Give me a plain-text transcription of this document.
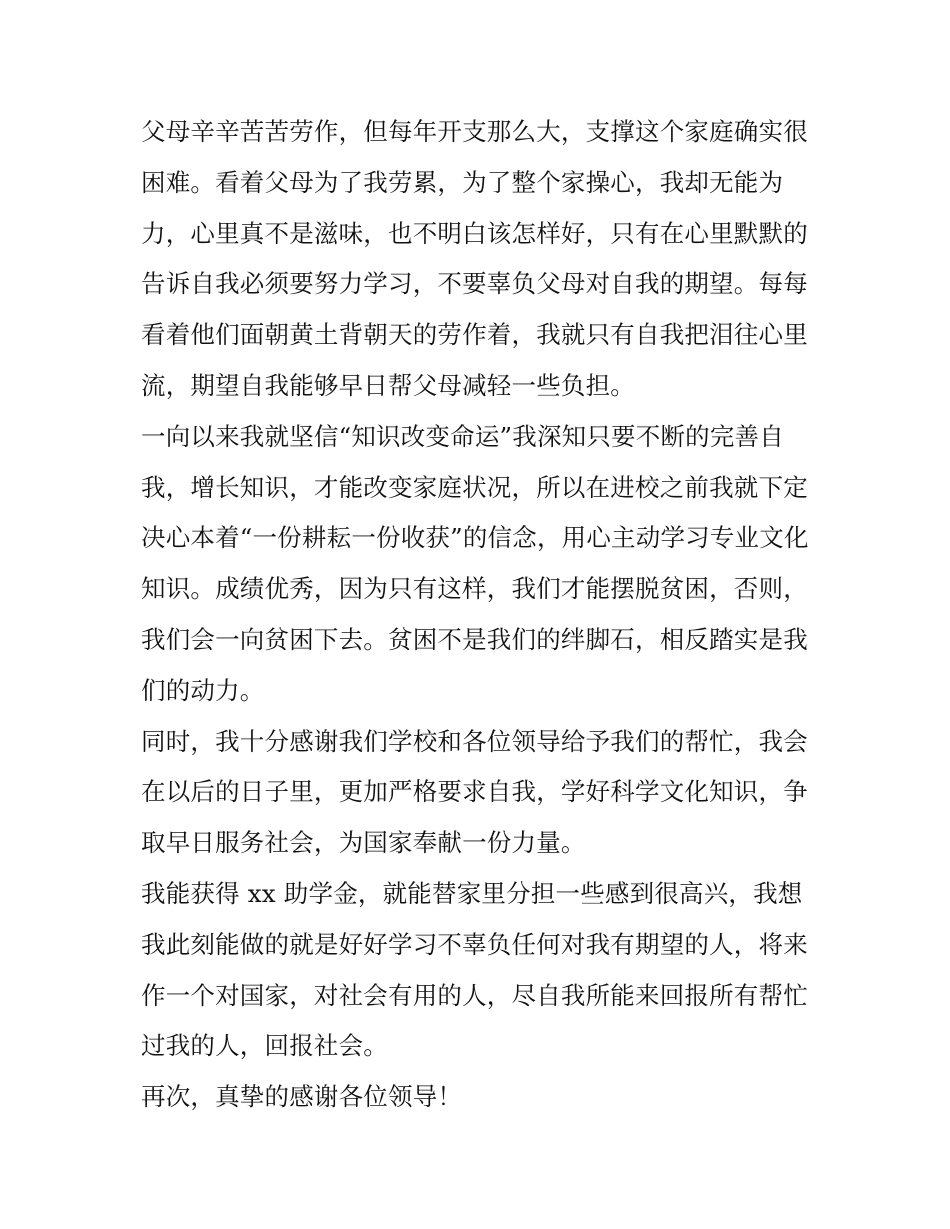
父母辛辛苦苦劳作，但每年开支那么大，支撑这个家庭确实很
困难。看着父母为了我劳累，为了整个家操心，我却无能为
力，心里真不是滋味，也不明白该怎样好，只有在心里默默的
告诉自我必须要努力学习，不要辜负父母对自我的期望。每每
看着他们面朝黄土背朝天的劳作着，我就只有自我把泪往心里
流，期望自我能够早日帮父母减轻一些负担。
一向以来我就坚信“知识改变命运”我深知只要不断的完善自
我，增长知识，才能改变家庭状况，所以在进校之前我就下定
决心本着“一份耕耘一份收获”的信念，用心主动学习专业文化
知识。成绩优秀，因为只有这样，我们才能摆脱贫困，否则，
我们会一向贫困下去。贫困不是我们的绊脚石，相反踏实是我
们的动力。
同时，我十分感谢我们学校和各位领导给予我们的帮忙，我会
在以后的日子里，更加严格要求自我，学好科学文化知识，争
取早日服务社会，为国家奉献一份力量。
我能获得 xx 助学金，就能替家里分担一些感到很高兴，我想
我此刻能做的就是好好学习不辜负任何对我有期望的人，将来
作一个对国家，对社会有用的人，尽自我所能来回报所有帮忙
过我的人，回报社会。
再次，真挚的感谢各位领导！
